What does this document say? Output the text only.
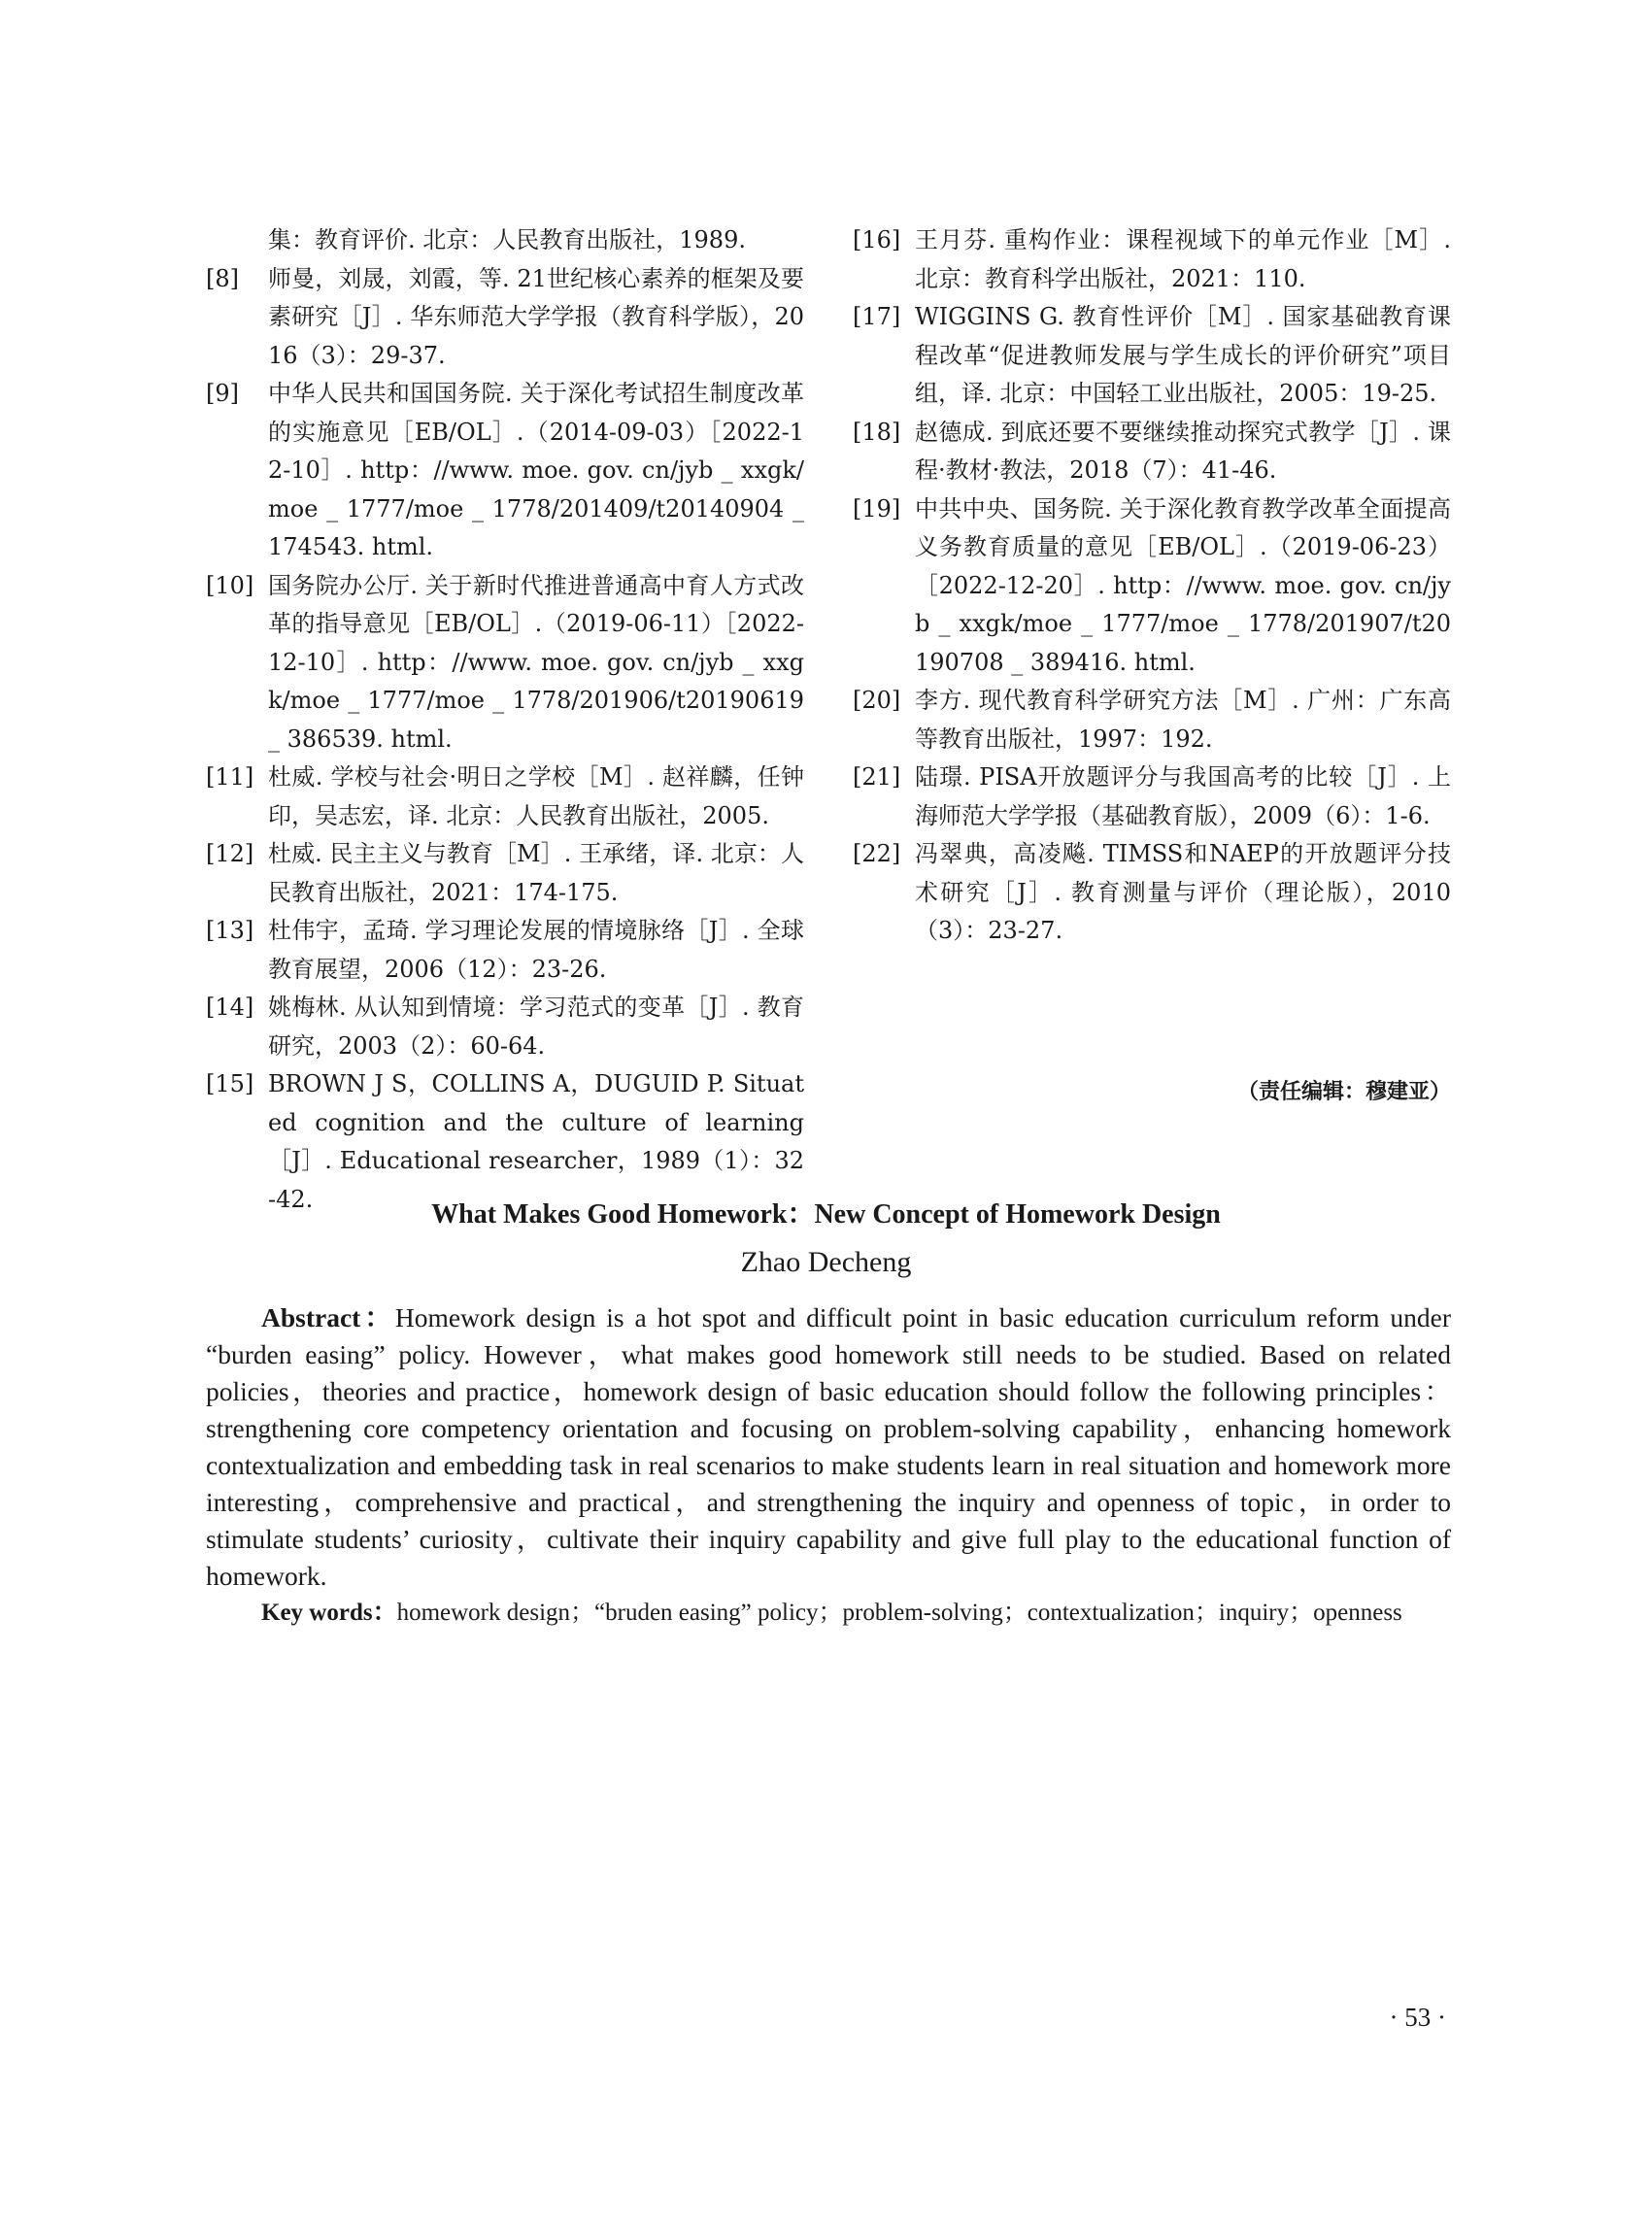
集：教育评价. 北京：人民教育出版社，1989.
[8] 师曼，刘晟，刘霞，等. 21世纪核心素养的框架及要素研究［J］. 华东师范大学学报（教育科学版），2016（3）：29-37.
[9] 中华人民共和国国务院. 关于深化考试招生制度改革的实施意见［EB/OL］.（2014-09-03）［2022-12-10］. http：//www. moe. gov. cn/jyb _ xxgk/moe _ 1777/moe _ 1778/201409/t20140904 _ 174543. html.
[10] 国务院办公厅. 关于新时代推进普通高中育人方式改革的指导意见［EB/OL］.（2019-06-11）［2022-12-10］. http：//www. moe. gov. cn/jyb _ xxgk/moe _ 1777/moe _ 1778/201906/t20190619 _ 386539. html.
[11] 杜威. 学校与社会·明日之学校［M］. 赵祥麟，任钟印，吴志宏，译. 北京：人民教育出版社，2005.
[12] 杜威. 民主主义与教育［M］. 王承绪，译. 北京：人民教育出版社，2021：174-175.
[13] 杜伟宇，孟琦. 学习理论发展的情境脉络［J］. 全球教育展望，2006（12）：23-26.
[14] 姚梅林. 从认知到情境：学习范式的变革［J］. 教育研究，2003（2）：60-64.
[15] BROWN J S，COLLINS A，DUGUID P. Situated cognition and the culture of learning ［J］. Educational researcher，1989（1）：32-42.
[16] 王月芬. 重构作业：课程视域下的单元作业［M］. 北京：教育科学出版社，2021：110.
[17] WIGGINS G. 教育性评价［M］. 国家基础教育课程改革“促进教师发展与学生成长的评价研究”项目组，译. 北京：中国轻工业出版社，2005：19-25.
[18] 赵德成. 到底还要不要继续推动探究式教学［J］. 课程·教材·教法，2018（7）：41-46.
[19] 中共中央、国务院. 关于深化教育教学改革全面提高义务教育质量的意见［EB/OL］.（2019-06-23）［2022-12-20］. http：//www. moe. gov. cn/jyb _ xxgk/moe _ 1777/moe _ 1778/201907/t20190708 _ 389416. html.
[20] 李方. 现代教育科学研究方法［M］. 广州：广东高等教育出版社，1997：192.
[21] 陆璟. PISA开放题评分与我国高考的比较［J］. 上海师范大学学报（基础教育版），2009（6）：1-6.
[22] 冯翠典，高凌飚. TIMSS和NAEP的开放题评分技术研究［J］. 教育测量与评价（理论版），2010（3）：23-27.
（责任编辑：穆建亚）
What Makes Good Homework：New Concept of Homework Design
Zhao Decheng

Abstract：Homework design is a hot spot and difficult point in basic education curriculum reform under “burden easing” policy. However，what makes good homework still needs to be studied. Based on related policies，theories and practice，homework design of basic education should follow the following principles：strengthening core competency orientation and focusing on problem-solving capability，enhancing homework contextualization and embedding task in real scenarios to make students learn in real situation and homework more interesting，comprehensive and practical，and strengthening the inquiry and openness of topic，in order to stimulate students’ curiosity，cultivate their inquiry capability and give full play to the educational function of homework.

Key words：homework design；“bruden easing” policy；problem-solving；contextualization；inquiry；openness

· 53 ·
